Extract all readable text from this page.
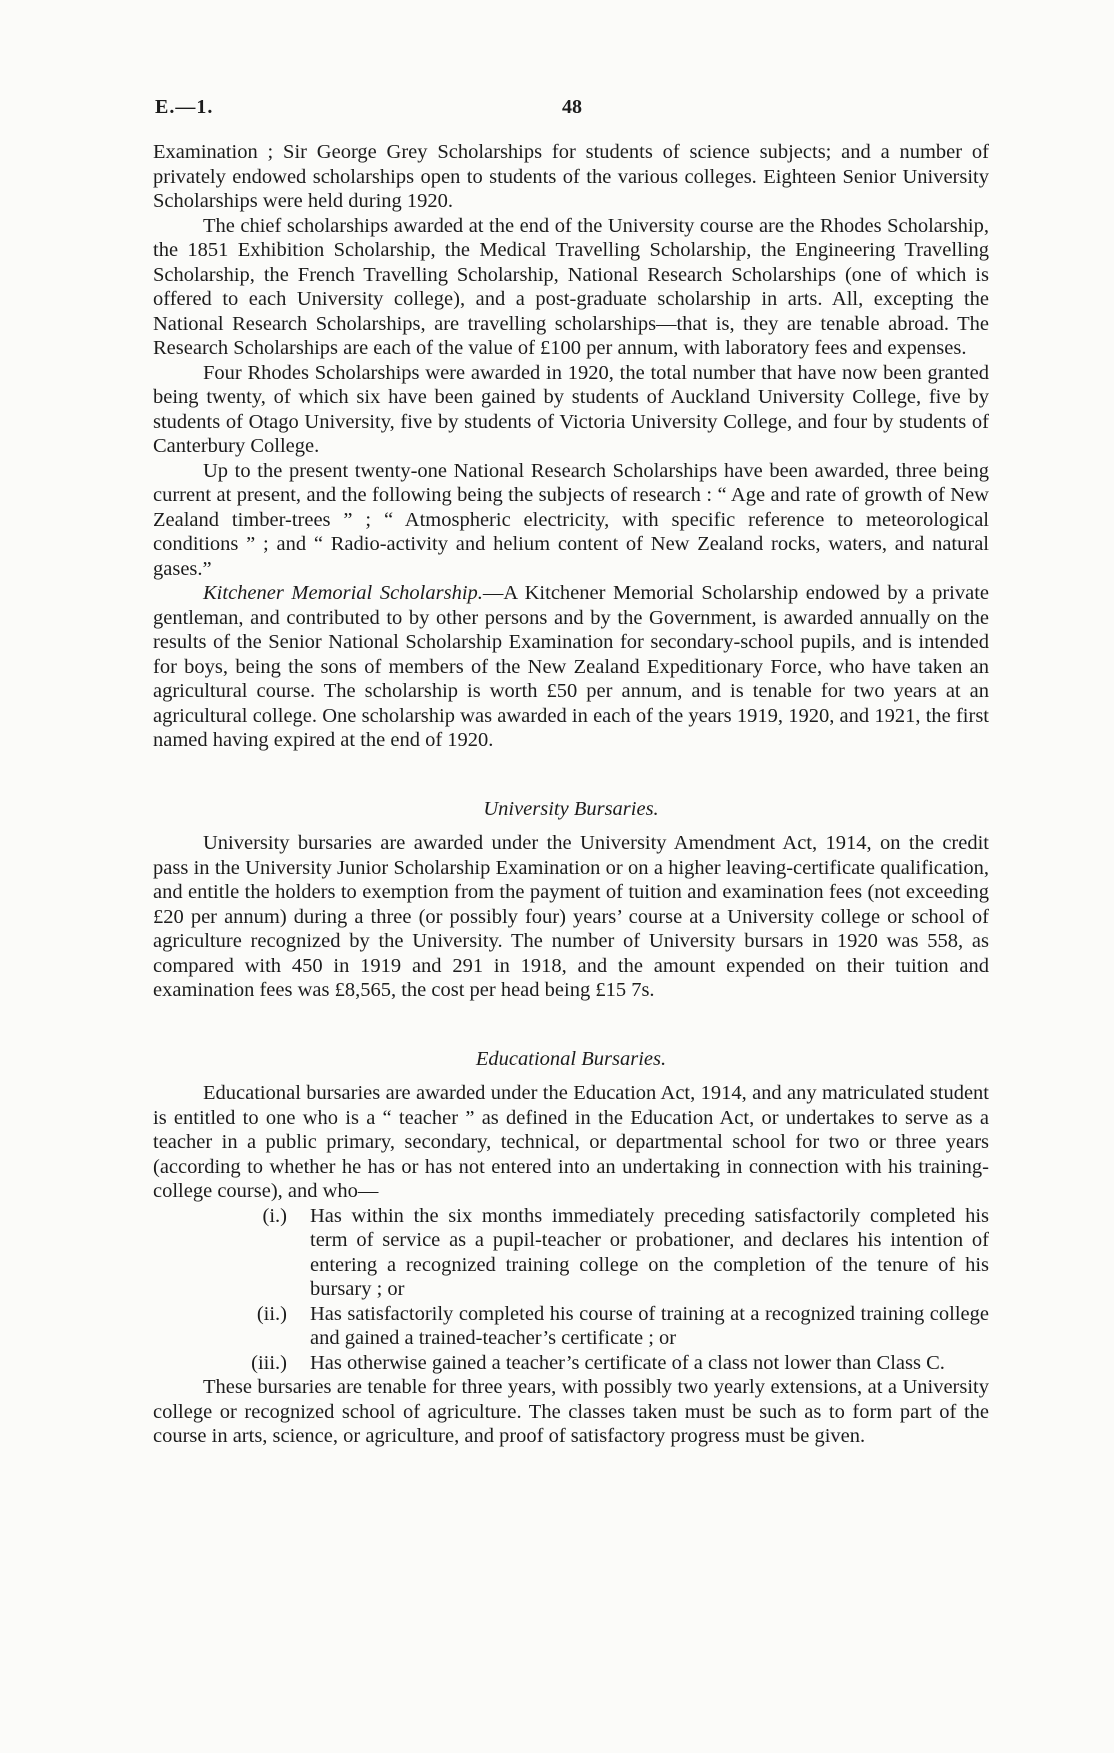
E.—1.	48

Examination ; Sir George Grey Scholarships for students of science subjects; and a number of privately endowed scholarships open to students of the various colleges. Eighteen Senior University Scholarships were held during 1920.

The chief scholarships awarded at the end of the University course are the Rhodes Scholarship, the 1851 Exhibition Scholarship, the Medical Travelling Scholarship, the Engineering Travelling Scholarship, the French Travelling Scholarship, National Research Scholarships (one of which is offered to each University college), and a post-graduate scholarship in arts. All, excepting the National Research Scholarships, are travelling scholarships—that is, they are tenable abroad. The Research Scholarships are each of the value of £100 per annum, with laboratory fees and expenses.

Four Rhodes Scholarships were awarded in 1920, the total number that have now been granted being twenty, of which six have been gained by students of Auckland University College, five by students of Otago University, five by students of Victoria University College, and four by students of Canterbury College.

Up to the present twenty-one National Research Scholarships have been awarded, three being current at present, and the following being the subjects of research : “ Age and rate of growth of New Zealand timber-trees ” ; “ Atmospheric electricity, with specific reference to meteorological conditions ” ; and “ Radio-activity and helium content of New Zealand rocks, waters, and natural gases.”

Kitchener Memorial Scholarship.—A Kitchener Memorial Scholarship endowed by a private gentleman, and contributed to by other persons and by the Government, is awarded annually on the results of the Senior National Scholarship Examination for secondary-school pupils, and is intended for boys, being the sons of members of the New Zealand Expeditionary Force, who have taken an agricultural course. The scholarship is worth £50 per annum, and is tenable for two years at an agricultural college. One scholarship was awarded in each of the years 1919, 1920, and 1921, the first named having expired at the end of 1920.

University Bursaries.

University bursaries are awarded under the University Amendment Act, 1914, on the credit pass in the University Junior Scholarship Examination or on a higher leaving-certificate qualification, and entitle the holders to exemption from the payment of tuition and examination fees (not exceeding £20 per annum) during a three (or possibly four) years’ course at a University college or school of agriculture recognized by the University. The number of University bursars in 1920 was 558, as compared with 450 in 1919 and 291 in 1918, and the amount expended on their tuition and examination fees was £8,565, the cost per head being £15 7s.

Educational Bursaries.

Educational bursaries are awarded under the Education Act, 1914, and any matriculated student is entitled to one who is a “ teacher ” as defined in the Education Act, or undertakes to serve as a teacher in a public primary, secondary, technical, or departmental school for two or three years (according to whether he has or has not entered into an undertaking in connection with his training-college course), and who—

(i.) Has within the six months immediately preceding satisfactorily completed his term of service as a pupil-teacher or probationer, and declares his intention of entering a recognized training college on the completion of the tenure of his bursary ; or
(ii.) Has satisfactorily completed his course of training at a recognized training college and gained a trained-teacher’s certificate ; or
(iii.) Has otherwise gained a teacher’s certificate of a class not lower than Class C.

These bursaries are tenable for three years, with possibly two yearly extensions, at a University college or recognized school of agriculture. The classes taken must be such as to form part of the course in arts, science, or agriculture, and proof of satisfactory progress must be given.
